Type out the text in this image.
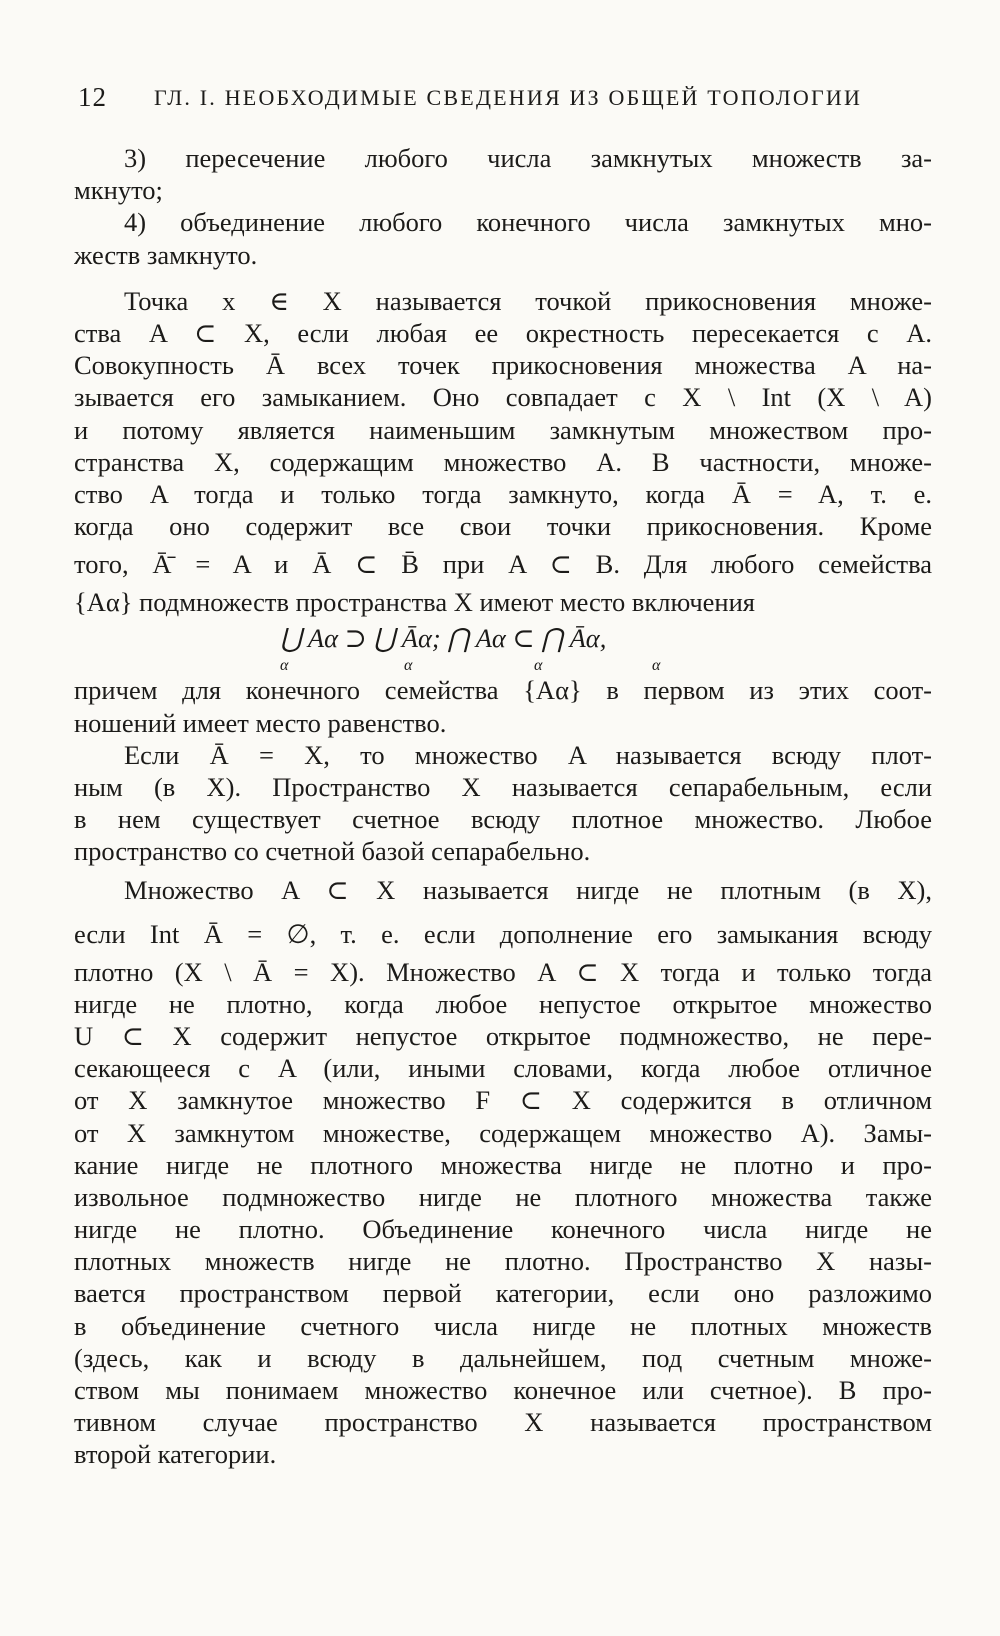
12 ГЛ. I. НЕОБХОДИМЫЕ СВЕДЕНИЯ ИЗ ОБЩЕЙ ТОПОЛОГИИ
3) пересечение любого числа замкнутых множеств за-
мкнуто;
4) объединение любого конечного числа замкнутых мно-
жеств замкнуто.
Точка x ∈ X называется точкой прикосновения множе-
ства A ⊂ X, если любая ее окрестность пересекается с A.
Совокупность Ā всех точек прикосновения множества A на-
зывается его замыканием. Оно совпадает с X \ Int (X \ A)
и потому является наименьшим замкнутым множеством про-
странства X, содержащим множество A. В частности, множе-
ство A тогда и только тогда замкнуто, когда Ā = A, т. е.
когда оно содержит все свои точки прикосновения. Кроме
того, Ā̄ = A и Ā ⊂ B̄ при A ⊂ B. Для любого семейства
{Aα} подмножеств пространства X имеют место включения
⋃ Aα ⊃ ⋃ Āα; ⋂ Aα ⊂ ⋂ Āα,
α	α	α	α
причем для конечного семейства {Aα} в первом из этих соот-
ношений имеет место равенство.
Если Ā = X, то множество A называется всюду плот-
ным (в X). Пространство X называется сепарабельным, если
в нем существует счетное всюду плотное множество. Любое
пространство со счетной базой сепарабельно.
Множество A ⊂ X называется нигде не плотным (в X),
если Int Ā = ∅, т. е. если дополнение его замыкания всюду
плотно (X \ Ā = X). Множество A ⊂ X тогда и только тогда
нигде не плотно, когда любое непустое открытое множество
U ⊂ X содержит непустое открытое подмножество, не пере-
секающееся с A (или, иными словами, когда любое отличное
от X замкнутое множество F ⊂ X содержится в отличном
от X замкнутом множестве, содержащем множество A). Замы-
кание нигде не плотного множества нигде не плотно и про-
извольное подмножество нигде не плотного множества также
нигде не плотно. Объединение конечного числа нигде не
плотных множеств нигде не плотно. Пространство X назы-
вается пространством первой категории, если оно разложимо
в объединение счетного числа нигде не плотных множеств
(здесь, как и всюду в дальнейшем, под счетным множе-
ством мы понимаем множество конечное или счетное). В про-
тивном случае пространство X называется пространством
второй категории.
